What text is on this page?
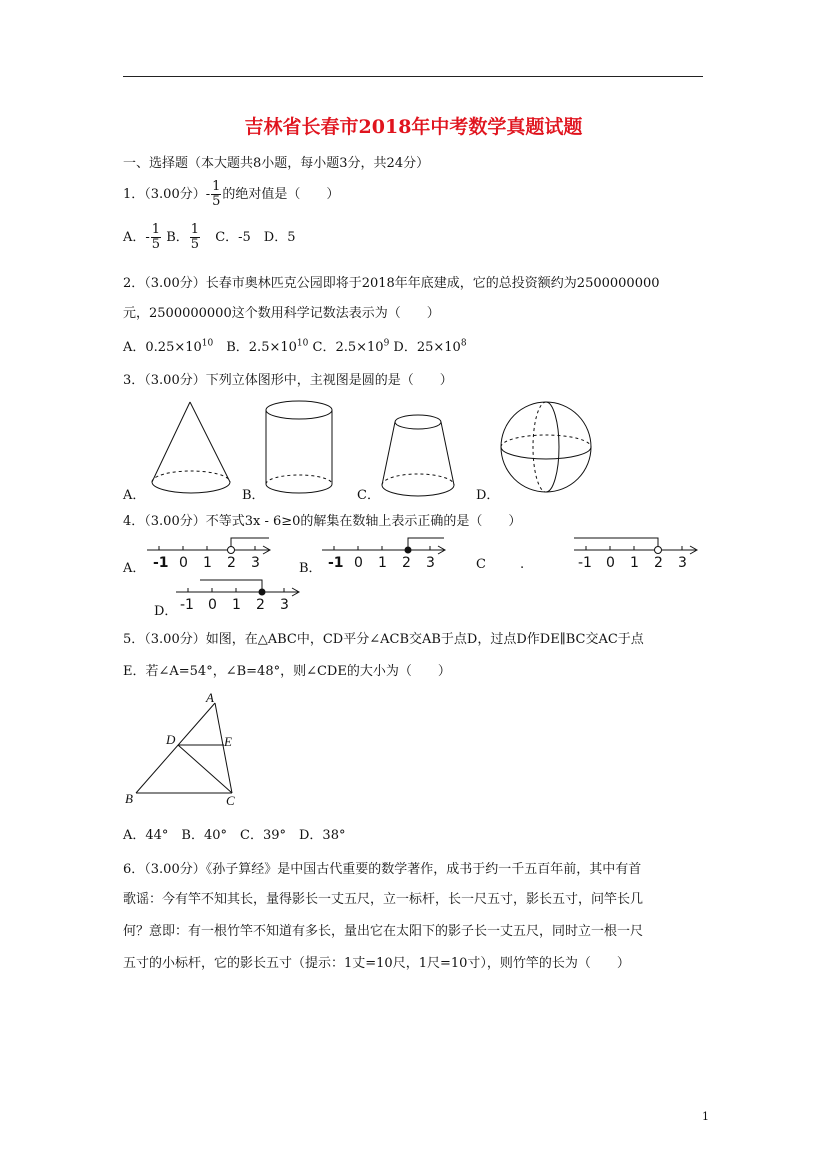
吉林省长春市2018年中考数学真题试题
一、选择题（本大题共8小题，每小题3分，共24分）
1．（3.00分）- $\frac{1}{5}$ 的绝对值是（　　）
A．- $\frac{1}{5}$ B． $\frac{1}{5}$ C．-5　D．5
2．（3.00分）长春市奥林匹克公园即将于2018年年底建成，它的总投资额约为2500000000
元，2500000000这个数用科学记数法表示为（　　）
A．$0.25\times 10^{10}$　B．$2.5\times 10^{10}$ C．$2.5\times 10^9$ D．$25\times 10^8$
3．（3.00分）下列立体图形中，主视图是圆的是（　　）
A．	B．	C．	D．
4．（3.00分）不等式3x - 6≥0的解集在数轴上表示正确的是（　　）
A． -1 0 1 2 3	B． -1 0 1 2 3	C	.	-1 0 1 2 3
D． -1 0 1 2 3
5．（3.00分）如图，在△ABC中，CD平分∠ACB交AB于点D，过点D作DE∥BC交AC于点
E．若∠A=54°，∠B=48°，则∠CDE的大小为（　　）
A
D	E
B	C
A．44°　B．40°　C．39°　D．38°
6．（3.00分）《孙子算经》是中国古代重要的数学著作，成书于约一千五百年前，其中有首
歌谣：今有竿不知其长，量得影长一丈五尺，立一标杆，长一尺五寸，影长五寸，问竿长几
何？意即：有一根竹竿不知道有多长，量出它在太阳下的影子长一丈五尺，同时立一根一尺
五寸的小标杆，它的影长五寸（提示：1丈=10尺，1尺=10寸），则竹竿的长为（　　）
1
